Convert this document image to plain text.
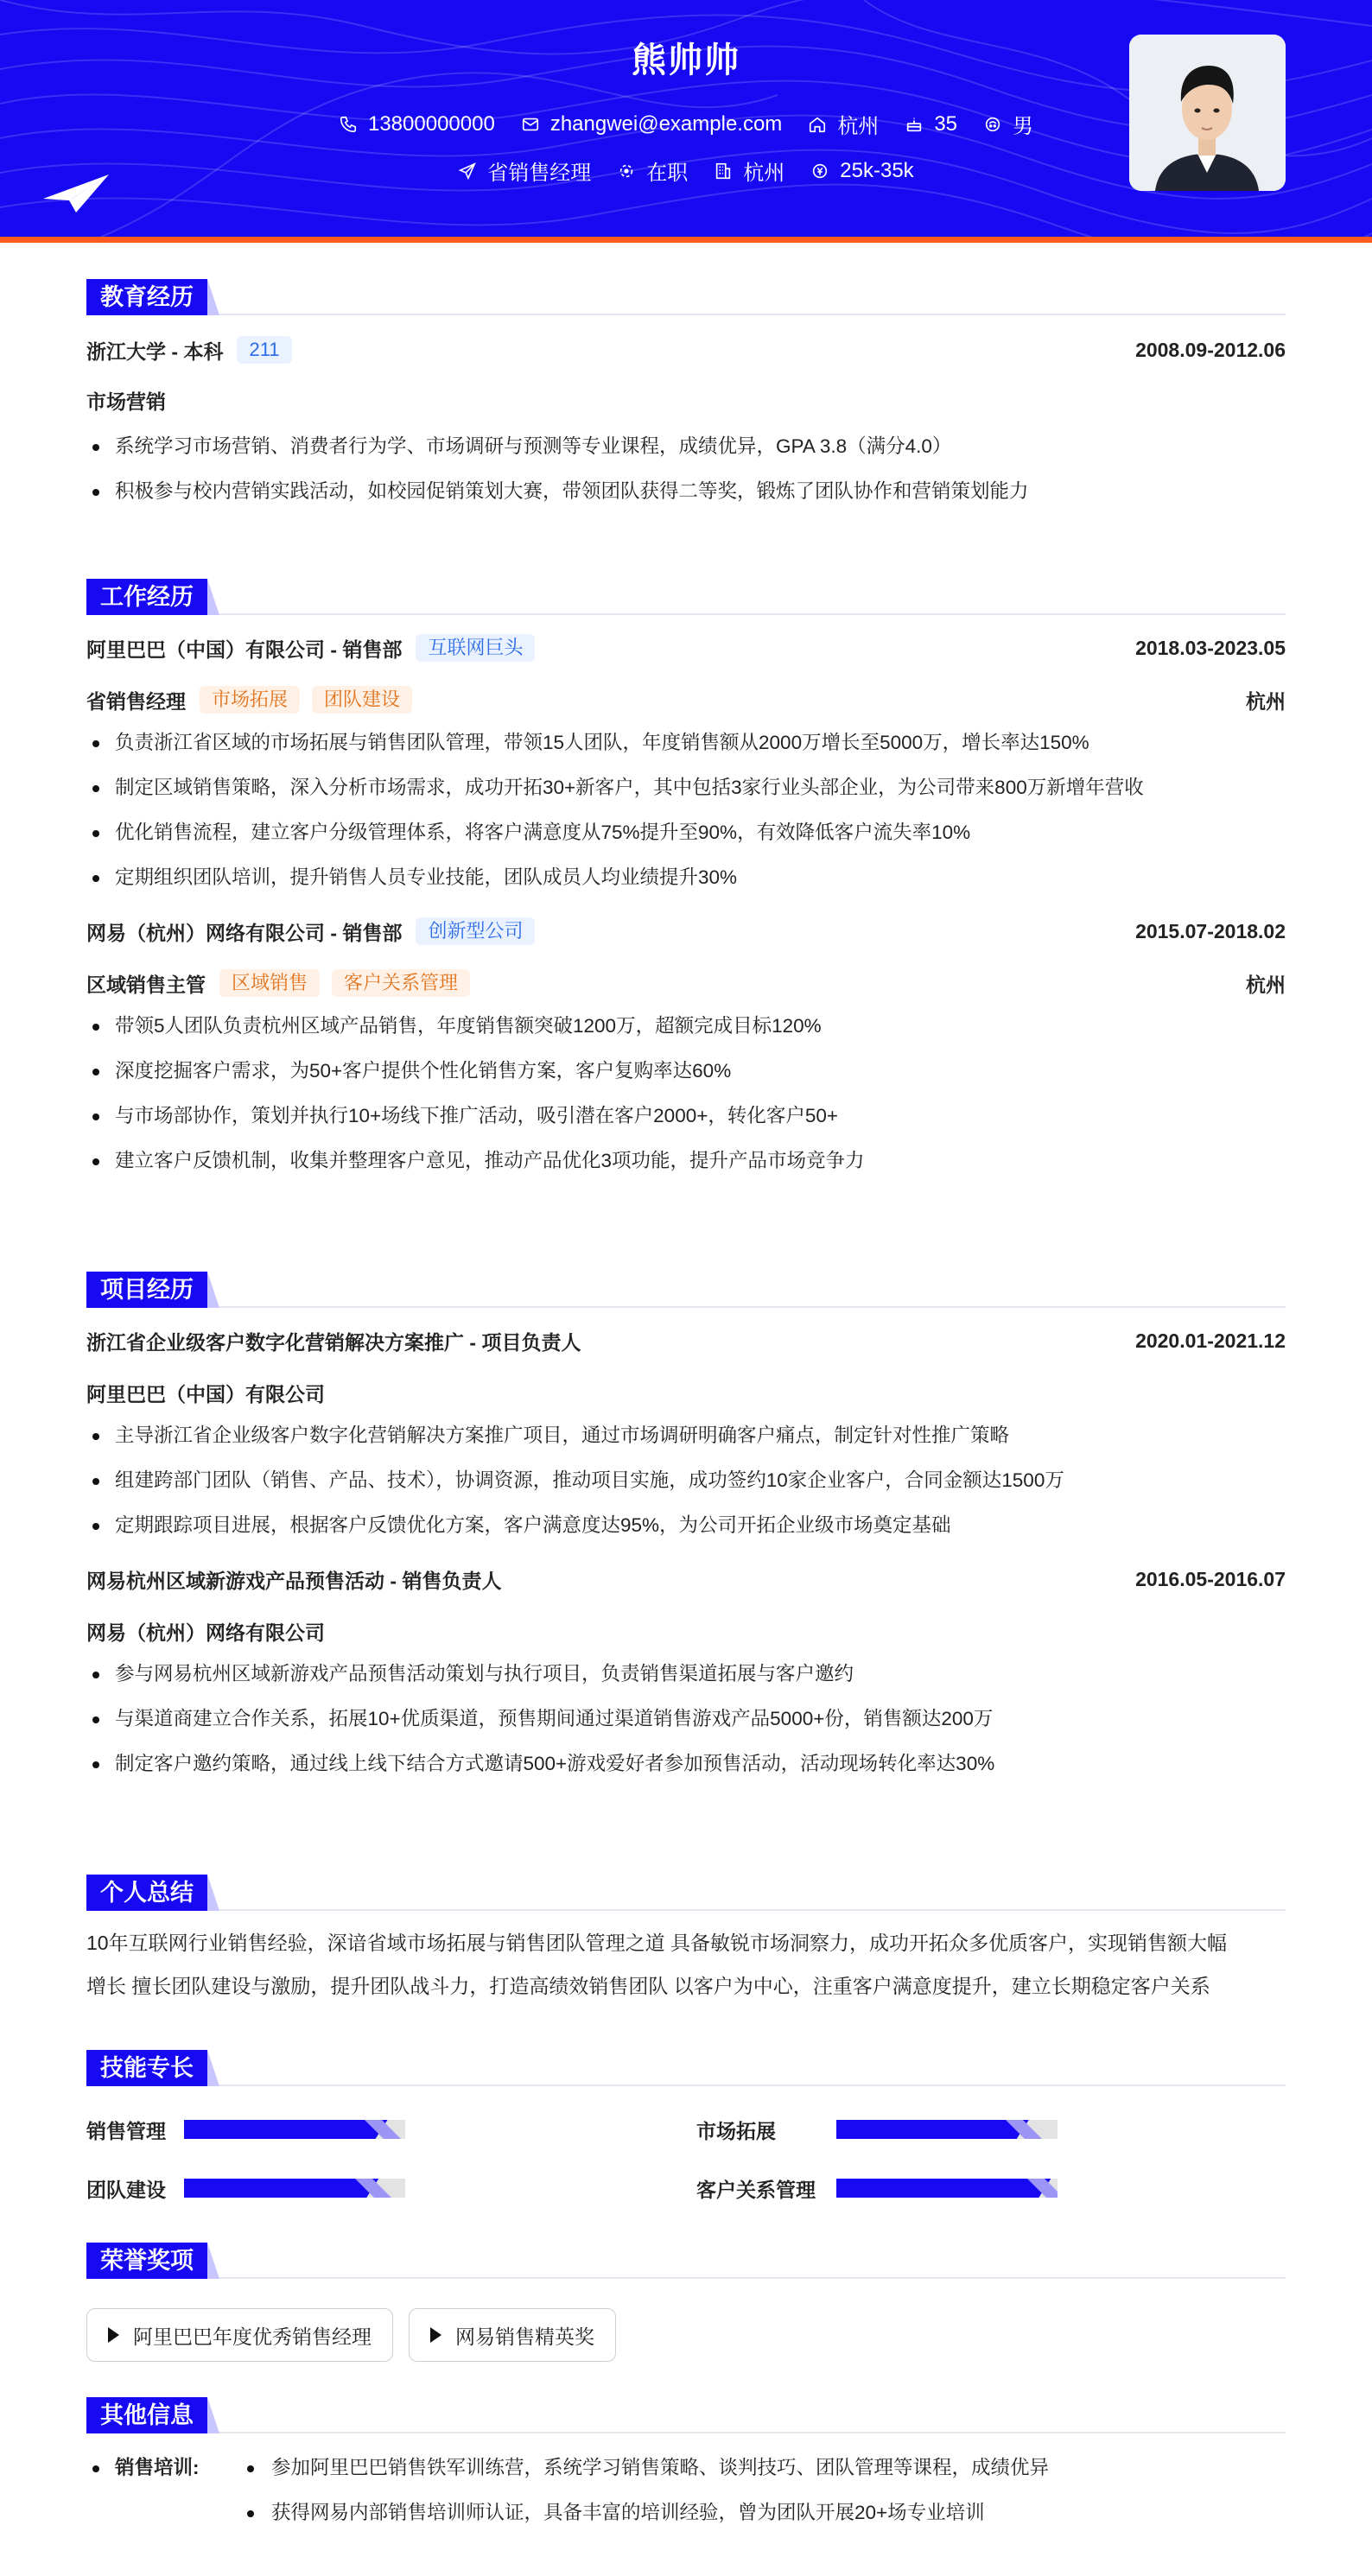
熊帅帅
13800000000	zhangwei@example.com	杭州	35	男
省销售经理	在职	杭州	25k-35k
教育经历
浙江大学 - 本科	211	2008.09-2012.06
市场营销
系统学习市场营销、消费者行为学、市场调研与预测等专业课程，成绩优异，GPA 3.8（满分4.0）
积极参与校内营销实践活动，如校园促销策划大赛，带领团队获得二等奖，锻炼了团队协作和营销策划能力
工作经历
阿里巴巴（中国）有限公司 - 销售部	互联网巨头	2018.03-2023.05
省销售经理	市场拓展	团队建设	杭州
负责浙江省区域的市场拓展与销售团队管理，带领15人团队，年度销售额从2000万增长至5000万，增长率达150%
制定区域销售策略，深入分析市场需求，成功开拓30+新客户，其中包括3家行业头部企业，为公司带来800万新增年营收
优化销售流程，建立客户分级管理体系，将客户满意度从75%提升至90%，有效降低客户流失率10%
定期组织团队培训，提升销售人员专业技能，团队成员人均业绩提升30%
网易（杭州）网络有限公司 - 销售部	创新型公司	2015.07-2018.02
区域销售主管	区域销售	客户关系管理	杭州
带领5人团队负责杭州区域产品销售，年度销售额突破1200万，超额完成目标120%
深度挖掘客户需求，为50+客户提供个性化销售方案，客户复购率达60%
与市场部协作，策划并执行10+场线下推广活动，吸引潜在客户2000+，转化客户50+
建立客户反馈机制，收集并整理客户意见，推动产品优化3项功能，提升产品市场竞争力
项目经历
浙江省企业级客户数字化营销解决方案推广 - 项目负责人	2020.01-2021.12
阿里巴巴（中国）有限公司
主导浙江省企业级客户数字化营销解决方案推广项目，通过市场调研明确客户痛点，制定针对性推广策略
组建跨部门团队（销售、产品、技术），协调资源，推动项目实施，成功签约10家企业客户，合同金额达1500万
定期跟踪项目进展，根据客户反馈优化方案，客户满意度达95%，为公司开拓企业级市场奠定基础
网易杭州区域新游戏产品预售活动 - 销售负责人	2016.05-2016.07
网易（杭州）网络有限公司
参与网易杭州区域新游戏产品预售活动策划与执行项目，负责销售渠道拓展与客户邀约
与渠道商建立合作关系，拓展10+优质渠道，预售期间通过渠道销售游戏产品5000+份，销售额达200万
制定客户邀约策略，通过线上线下结合方式邀请500+游戏爱好者参加预售活动，活动现场转化率达30%
个人总结
10年互联网行业销售经验，深谙省域市场拓展与销售团队管理之道 具备敏锐市场洞察力，成功开拓众多优质客户，实现销售额大幅
增长 擅长团队建设与激励，提升团队战斗力，打造高绩效销售团队 以客户为中心，注重客户满意度提升，建立长期稳定客户关系
技能专长
销售管理	市场拓展
团队建设	客户关系管理
荣誉奖项
阿里巴巴年度优秀销售经理	网易销售精英奖
其他信息
销售培训:	参加阿里巴巴销售铁军训练营，系统学习销售策略、谈判技巧、团队管理等课程，成绩优异
获得网易内部销售培训师认证，具备丰富的培训经验，曾为团队开展20+场专业培训
